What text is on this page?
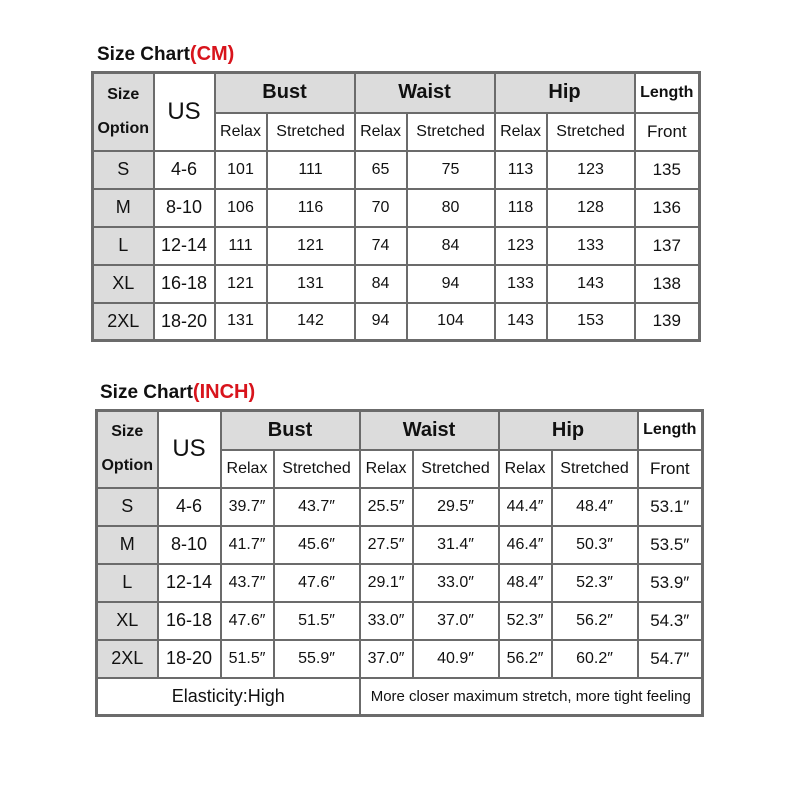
Size Chart(CM)
Size
Option	US	Bust		Waist		Hip		Length
		Relax	Stretched	Relax	Stretched	Relax	Stretched	Front
S	4-6	101	111	65	75	113	123	135
M	8-10	106	116	70	80	118	128	136
L	12-14	111	121	74	84	123	133	137
XL	16-18	121	131	84	94	133	143	138
2XL	18-20	131	142	94	104	143	153	139
Size Chart(INCH)
Size
Option	US	Bust		Waist		Hip		Length
		Relax	Stretched	Relax	Stretched	Relax	Stretched	Front
S	4-6	39.7″	43.7″	25.5″	29.5″	44.4″	48.4″	53.1″
M	8-10	41.7″	45.6″	27.5″	31.4″	46.4″	50.3″	53.5″
L	12-14	43.7″	47.6″	29.1″	33.0″	48.4″	52.3″	53.9″
XL	16-18	47.6″	51.5″	33.0″	37.0″	52.3″	56.2″	54.3″
2XL	18-20	51.5″	55.9″	37.0″	40.9″	56.2″	60.2″	54.7″
Elasticity:High				More closer maximum stretch, more tight feeling				
